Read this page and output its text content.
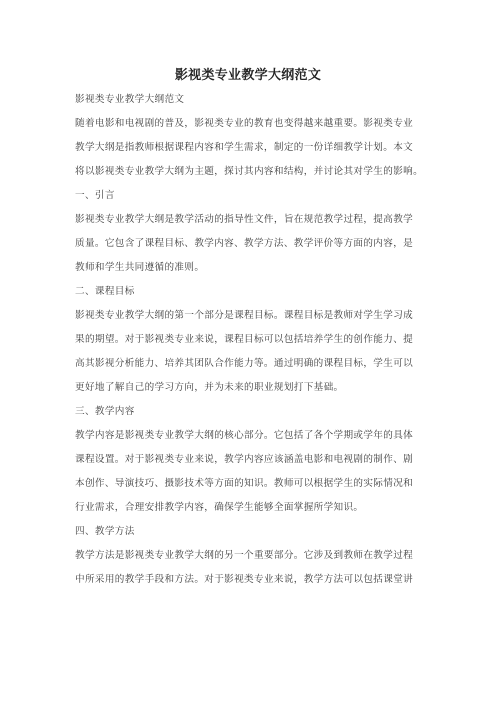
影视类专业教学大纲范文
影视类专业教学大纲范文
随着电影和电视剧的普及，影视类专业的教育也变得越来越重要。影视类专业
教学大纲是指教师根据课程内容和学生需求，制定的一份详细教学计划。本文
将以影视类专业教学大纲为主题，探讨其内容和结构，并讨论其对学生的影响。
一、引言
影视类专业教学大纲是教学活动的指导性文件，旨在规范教学过程，提高教学
质量。它包含了课程目标、教学内容、教学方法、教学评价等方面的内容，是
教师和学生共同遵循的准则。
二、课程目标
影视类专业教学大纲的第一个部分是课程目标。课程目标是教师对学生学习成
果的期望。对于影视类专业来说，课程目标可以包括培养学生的创作能力、提
高其影视分析能力、培养其团队合作能力等。通过明确的课程目标，学生可以
更好地了解自己的学习方向，并为未来的职业规划打下基础。
三、教学内容
教学内容是影视类专业教学大纲的核心部分。它包括了各个学期或学年的具体
课程设置。对于影视类专业来说，教学内容应该涵盖电影和电视剧的制作、剧
本创作、导演技巧、摄影技术等方面的知识。教师可以根据学生的实际情况和
行业需求，合理安排教学内容，确保学生能够全面掌握所学知识。
四、教学方法
教学方法是影视类专业教学大纲的另一个重要部分。它涉及到教师在教学过程
中所采用的教学手段和方法。对于影视类专业来说，教学方法可以包括课堂讲
